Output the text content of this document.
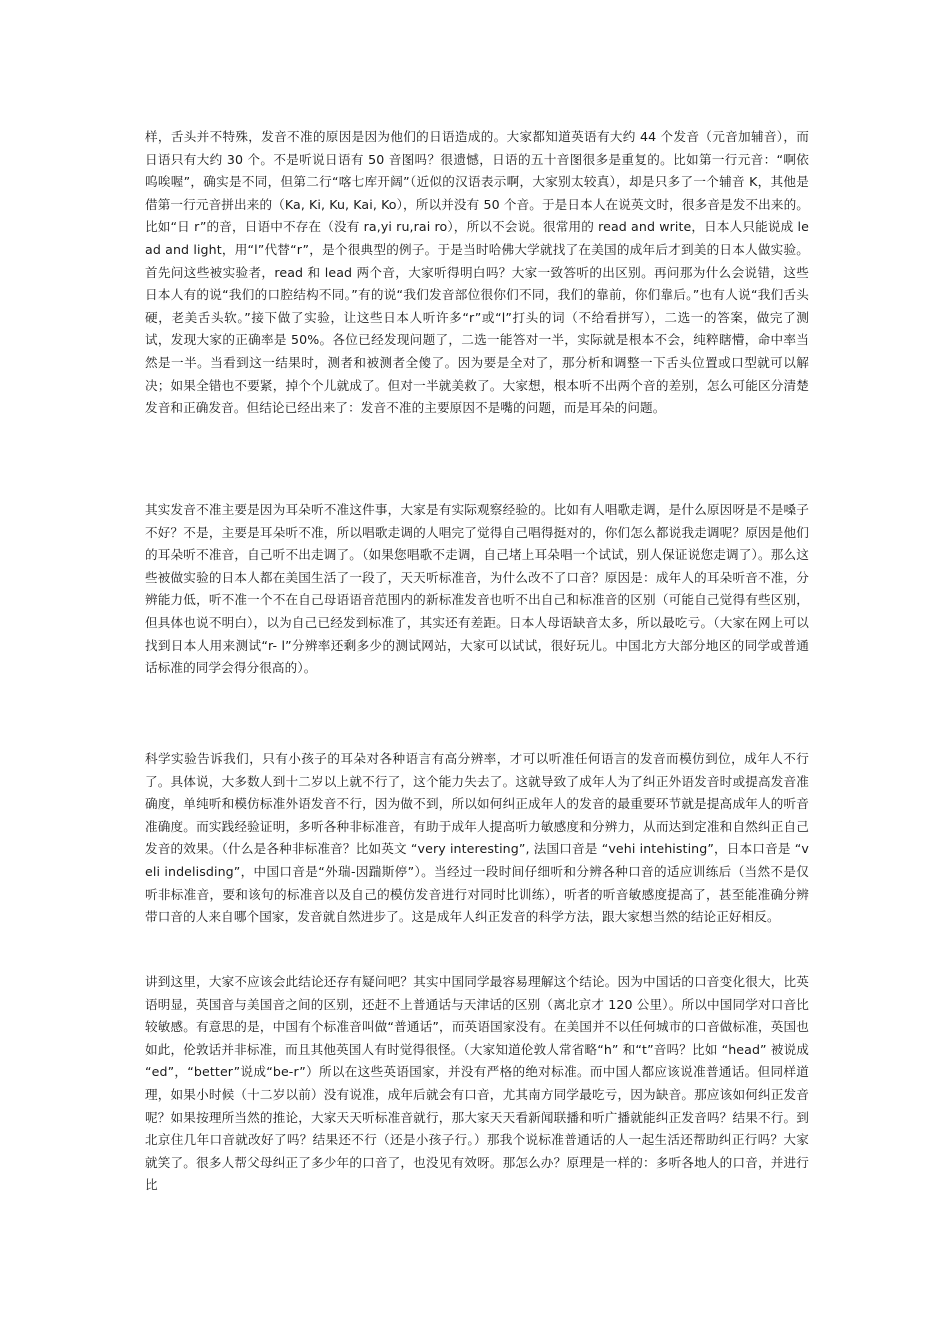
样，舌头并不特殊，发音不准的原因是因为他们的日语造成的。大家都知道英语有大约 44 个发音（元音加辅音），而日语只有大约 30 个。不是听说日语有 50 音图吗？很遗憾，日语的五十音图很多是重复的。比如第一行元音：“啊依呜唉喔”，确实是不同，但第二行“喀七库开阔”（近似的汉语表示啊，大家别太较真），却是只多了一个辅音 K，其他是借第一行元音拼出来的（Ka, Ki, Ku, Kai, Ko），所以并没有 50 个音。于是日本人在说英文时，很多音是发不出来的。比如“日 r”的音，日语中不存在（没有 ra,yi ru,rai ro），所以不会说。很常用的 read and write，日本人只能说成 lead and light，用“l”代替“r”，是个很典型的例子。于是当时哈佛大学就找了在美国的成年后才到美的日本人做实验。首先问这些被实验者，read 和 lead 两个音，大家听得明白吗？大家一致答听的出区别。再问那为什么会说错，这些日本人有的说“我们的口腔结构不同。”有的说“我们发音部位很你们不同，我们的靠前，你们靠后。”也有人说“我们舌头硬，老美舌头软。”接下做了实验，让这些日本人听许多“r”或“l”打头的词（不给看拼写），二选一的答案，做完了测试，发现大家的正确率是 50%。各位已经发现问题了，二选一能答对一半，实际就是根本不会，纯粹瞎懵，命中率当然是一半。当看到这一结果时，测者和被测者全傻了。因为要是全对了，那分析和调整一下舌头位置或口型就可以解决；如果全错也不要紧，掉个个儿就成了。但对一半就美救了。大家想，根本听不出两个音的差别，怎么可能区分清楚发音和正确发音。但结论已经出来了：发音不准的主要原因不是嘴的问题，而是耳朵的问题。

其实发音不准主要是因为耳朵听不准这件事，大家是有实际观察经验的。比如有人唱歌走调，是什么原因呀是不是嗓子不好？不是，主要是耳朵听不准，所以唱歌走调的人唱完了觉得自己唱得挺对的，你们怎么都说我走调呢？原因是他们的耳朵听不准音，自己听不出走调了。（如果您唱歌不走调，自己堵上耳朵唱一个试试，别人保证说您走调了）。那么这些被做实验的日本人都在美国生活了一段了，天天听标准音，为什么改不了口音？原因是：成年人的耳朵听音不准，分辨能力低，听不准一个不在自己母语语音范围内的新标准发音也听不出自己和标准音的区别（可能自己觉得有些区别，但具体也说不明白），以为自己已经发到标准了，其实还有差距。日本人母语缺音太多，所以最吃亏。（大家在网上可以找到日本人用来测试“r- l”分辨率还剩多少的测试网站，大家可以试试，很好玩儿。中国北方大部分地区的同学或普通话标准的同学会得分很高的）。

科学实验告诉我们，只有小孩子的耳朵对各种语言有高分辨率，才可以听准任何语言的发音而模仿到位，成年人不行了。具体说，大多数人到十二岁以上就不行了，这个能力失去了。这就导致了成年人为了纠正外语发音时或提高发音准确度，单纯听和模仿标准外语发音不行，因为做不到，所以如何纠正成年人的发音的最重要环节就是提高成年人的听音准确度。而实践经验证明，多听各种非标准音，有助于成年人提高听力敏感度和分辨力，从而达到定准和自然纠正自己发音的效果。（什么是各种非标准音？比如英文 “very interesting”, 法国口音是 “vehi intehisting”，日本口音是 “veli indelisding”，中国口音是“外瑞-因踹斯停”）。当经过一段时间仔细听和分辨各种口音的适应训练后（当然不是仅听非标准音，要和该句的标准音以及自己的模仿发音进行对同时比训练），听者的听音敏感度提高了，甚至能准确分辨带口音的人来自哪个国家，发音就自然进步了。这是成年人纠正发音的科学方法，跟大家想当然的结论正好相反。

讲到这里，大家不应该会此结论还存有疑问吧？其实中国同学最容易理解这个结论。因为中国话的口音变化很大，比英语明显，英国音与美国音之间的区别，还赶不上普通话与天津话的区别（离北京才 120 公里）。所以中国同学对口音比较敏感。有意思的是，中国有个标准音叫做“普通话”，而英语国家没有。在美国并不以任何城市的口音做标准，英国也如此，伦敦话并非标准，而且其他英国人有时觉得很怪。（大家知道伦敦人常省略“h” 和“t”音吗？比如 “head” 被说成 “ed”，“better”说成“be-r”）所以在这些英语国家，并没有严格的绝对标准。而中国人都应该说准普通话。但同样道理，如果小时候（十二岁以前）没有说准，成年后就会有口音，尤其南方同学最吃亏，因为缺音。那应该如何纠正发音呢？如果按理所当然的推论，大家天天听标准音就行，那大家天天看新闻联播和听广播就能纠正发音吗？结果不行。到北京住几年口音就改好了吗？结果还不行（还是小孩子行。）那我个说标准普通话的人一起生活还帮助纠正行吗？大家就笑了。很多人帮父母纠正了多少年的口音了，也没见有效呀。那怎么办？原理是一样的：多听各地人的口音，并进行比
